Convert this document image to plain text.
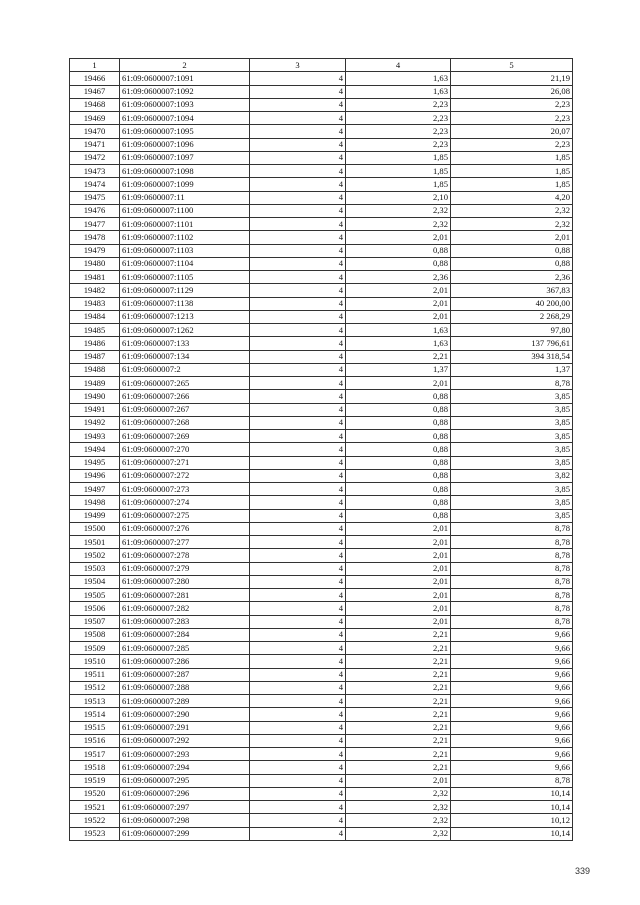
1	2	3	4	5
19466	61:09:0600007:1091	4	1,63	21,19
19467	61:09:0600007:1092	4	1,63	26,08
19468	61:09:0600007:1093	4	2,23	2,23
19469	61:09:0600007:1094	4	2,23	2,23
19470	61:09:0600007:1095	4	2,23	20,07
19471	61:09:0600007:1096	4	2,23	2,23
19472	61:09:0600007:1097	4	1,85	1,85
19473	61:09:0600007:1098	4	1,85	1,85
19474	61:09:0600007:1099	4	1,85	1,85
19475	61:09:0600007:11	4	2,10	4,20
19476	61:09:0600007:1100	4	2,32	2,32
19477	61:09:0600007:1101	4	2,32	2,32
19478	61:09:0600007:1102	4	2,01	2,01
19479	61:09:0600007:1103	4	0,88	0,88
19480	61:09:0600007:1104	4	0,88	0,88
19481	61:09:0600007:1105	4	2,36	2,36
19482	61:09:0600007:1129	4	2,01	367,83
19483	61:09:0600007:1138	4	2,01	40 200,00
19484	61:09:0600007:1213	4	2,01	2 268,29
19485	61:09:0600007:1262	4	1,63	97,80
19486	61:09:0600007:133	4	1,63	137 796,61
19487	61:09:0600007:134	4	2,21	394 318,54
19488	61:09:0600007:2	4	1,37	1,37
19489	61:09:0600007:265	4	2,01	8,78
19490	61:09:0600007:266	4	0,88	3,85
19491	61:09:0600007:267	4	0,88	3,85
19492	61:09:0600007:268	4	0,88	3,85
19493	61:09:0600007:269	4	0,88	3,85
19494	61:09:0600007:270	4	0,88	3,85
19495	61:09:0600007:271	4	0,88	3,85
19496	61:09:0600007:272	4	0,88	3,82
19497	61:09:0600007:273	4	0,88	3,85
19498	61:09:0600007:274	4	0,88	3,85
19499	61:09:0600007:275	4	0,88	3,85
19500	61:09:0600007:276	4	2,01	8,78
19501	61:09:0600007:277	4	2,01	8,78
19502	61:09:0600007:278	4	2,01	8,78
19503	61:09:0600007:279	4	2,01	8,78
19504	61:09:0600007:280	4	2,01	8,78
19505	61:09:0600007:281	4	2,01	8,78
19506	61:09:0600007:282	4	2,01	8,78
19507	61:09:0600007:283	4	2,01	8,78
19508	61:09:0600007:284	4	2,21	9,66
19509	61:09:0600007:285	4	2,21	9,66
19510	61:09:0600007:286	4	2,21	9,66
19511	61:09:0600007:287	4	2,21	9,66
19512	61:09:0600007:288	4	2,21	9,66
19513	61:09:0600007:289	4	2,21	9,66
19514	61:09:0600007:290	4	2,21	9,66
19515	61:09:0600007:291	4	2,21	9,66
19516	61:09:0600007:292	4	2,21	9,66
19517	61:09:0600007:293	4	2,21	9,66
19518	61:09:0600007:294	4	2,21	9,66
19519	61:09:0600007:295	4	2,01	8,78
19520	61:09:0600007:296	4	2,32	10,14
19521	61:09:0600007:297	4	2,32	10,14
19522	61:09:0600007:298	4	2,32	10,12
19523	61:09:0600007:299	4	2,32	10,14
339
